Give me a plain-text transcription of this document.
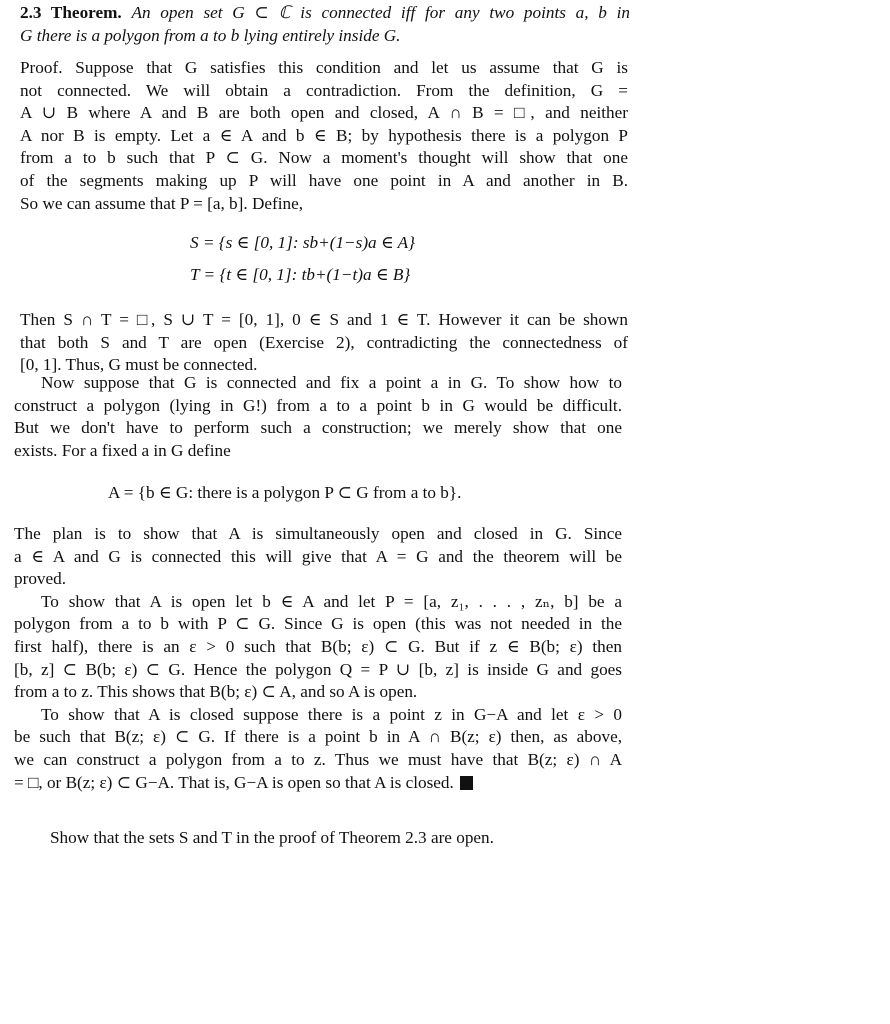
2.3 Theorem. An open set G ⊂ ℂ is connected iff for any two points a, b in
G there is a polygon from a to b lying entirely inside G.
Proof. Suppose that G satisfies this condition and let us assume that G is
not connected. We will obtain a contradiction. From the definition, G =
A ∪ B where A and B are both open and closed, A ∩ B = □, and neither
A nor B is empty. Let a ∈ A and b ∈ B; by hypothesis there is a polygon P
from a to b such that P ⊂ G. Now a moment's thought will show that one
of the segments making up P will have one point in A and another in B.
So we can assume that P = [a, b]. Define,
S = {s ∈ [0, 1]: sb+(1−s)a ∈ A}
T = {t ∈ [0, 1]: tb+(1−t)a ∈ B}
Then S ∩ T = □, S ∪ T = [0, 1], 0 ∈ S and 1 ∈ T. However it can be shown
that both S and T are open (Exercise 2), contradicting the connectedness of
[0, 1]. Thus, G must be connected.
Now suppose that G is connected and fix a point a in G. To show how to
construct a polygon (lying in G!) from a to a point b in G would be difficult.
But we don't have to perform such a construction; we merely show that one
exists. For a fixed a in G define
A = {b ∈ G: there is a polygon P ⊂ G from a to b}.
The plan is to show that A is simultaneously open and closed in G. Since
a ∈ A and G is connected this will give that A = G and the theorem will be
proved.
To show that A is open let b ∈ A and let P = [a, z₁, . . . , zₙ, b] be a
polygon from a to b with P ⊂ G. Since G is open (this was not needed in the
first half), there is an ε > 0 such that B(b; ε) ⊂ G. But if z ∈ B(b; ε) then
[b, z] ⊂ B(b; ε) ⊂ G. Hence the polygon Q = P ∪ [b, z] is inside G and goes
from a to z. This shows that B(b; ε) ⊂ A, and so A is open.
To show that A is closed suppose there is a point z in G−A and let ε > 0
be such that B(z; ε) ⊂ G. If there is a point b in A ∩ B(z; ε) then, as above,
we can construct a polygon from a to z. Thus we must have that B(z; ε) ∩ A
= □, or B(z; ε) ⊂ G−A. That is, G−A is open so that A is closed.
Show that the sets S and T in the proof of Theorem 2.3 are open.
